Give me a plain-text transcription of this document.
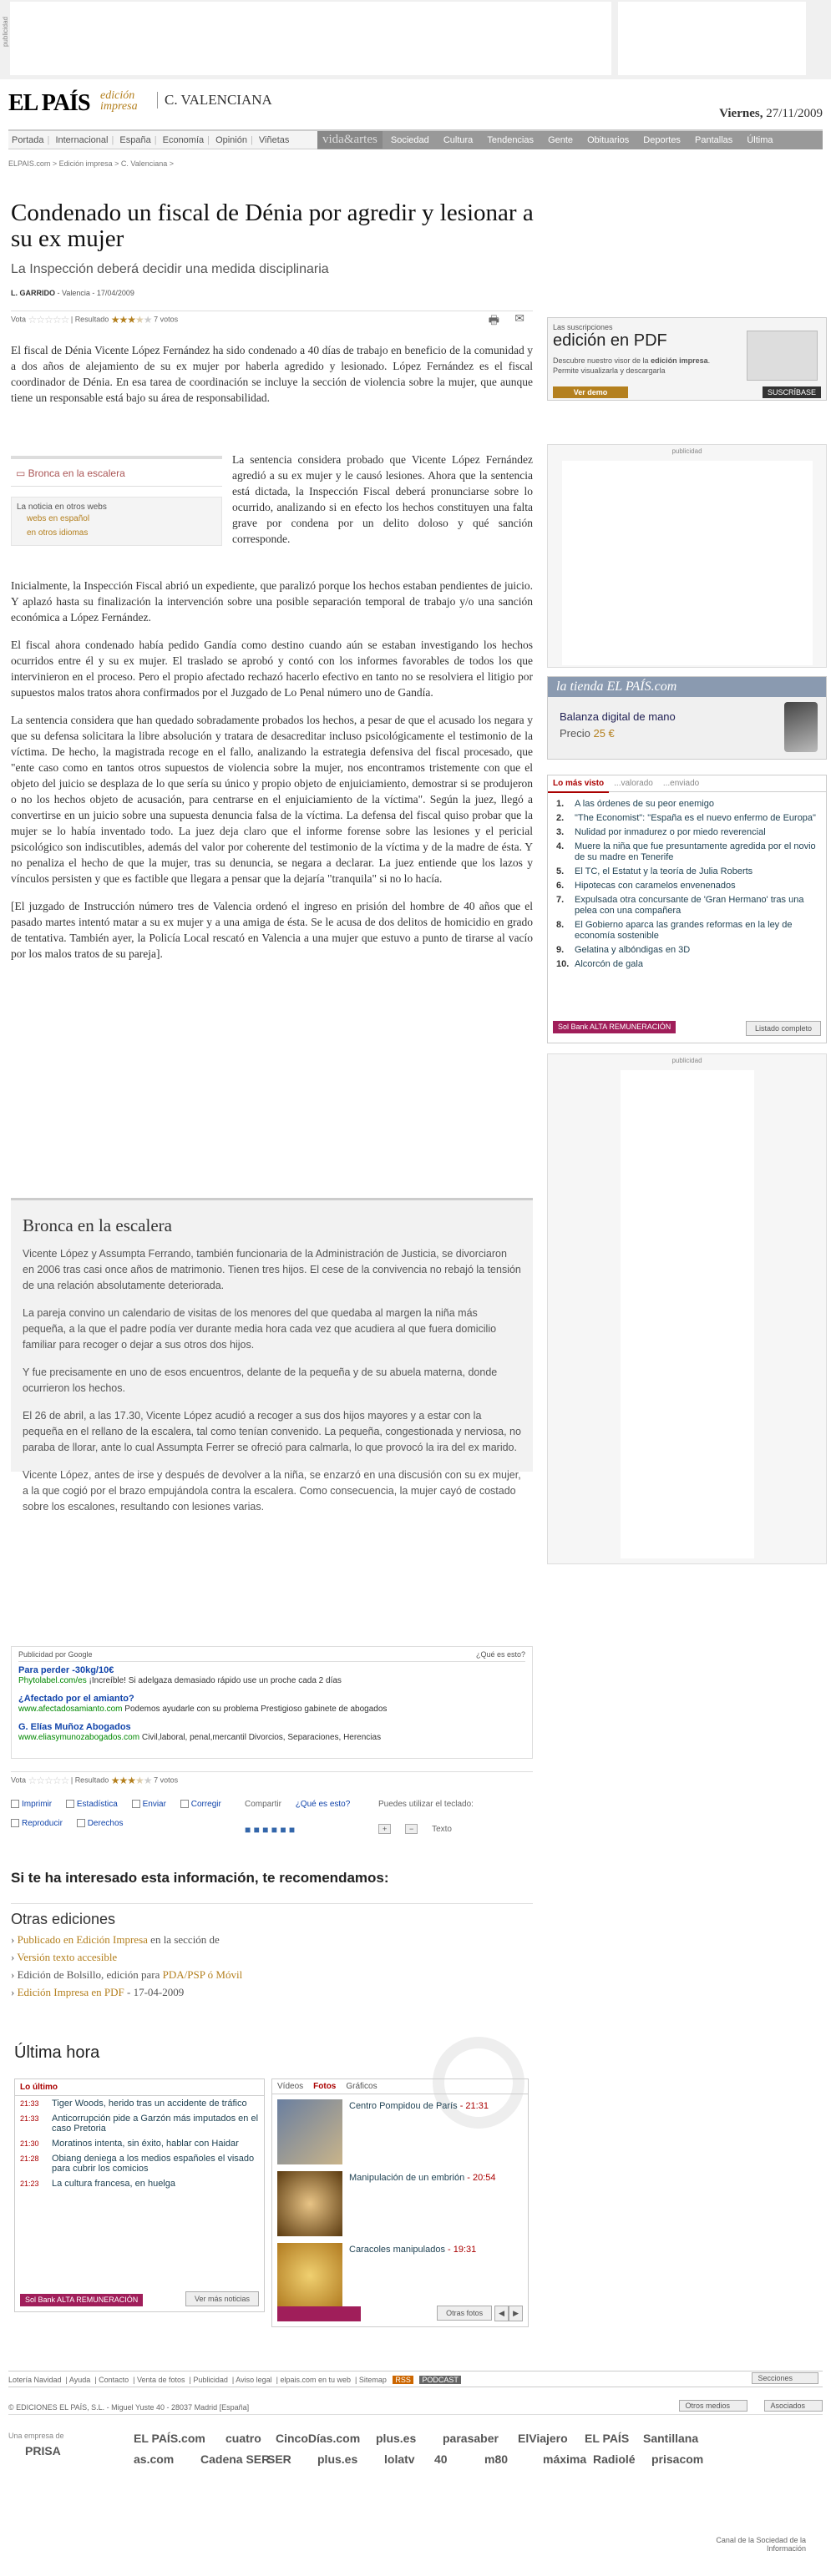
publicidad
EL PAÍS edición
impresa	C. VALENCIANA
Viernes, 27/11/2009
Portada | Internacional | España | Economía | Opinión | Viñetas	vida&artes Sociedad Cultura Tendencias Gente Obituarios Deportes Pantallas Última
ELPAIS.com > Edición impresa > C. Valenciana >
Condenado un fiscal de Dénia por agredir y lesionar a su ex mujer
La Inspección deberá decidir una medida disciplinaria
L. GARRIDO - Valencia - 17/04/2009
Vota ☆☆☆☆☆ | Resultado ★★★★★ 7 votos	🖶 ✉

El fiscal de Dénia Vicente López Fernández ha sido condenado a 40 días de trabajo en beneficio de la comunidad y a dos años de alejamiento de su ex mujer por haberla agredido y lesionado. López Fernández es el fiscal coordinador de Dénia. En esa tarea de coordinación se incluye la sección de violencia sobre la mujer, que aunque tiene un responsable está bajo su área de responsabilidad.

▭ Bronca en la escalera
La noticia en otros webs
webs en español
en otros idiomas

La sentencia considera probado que Vicente López Fernández agredió a su ex mujer y le causó lesiones. Ahora que la sentencia está dictada, la Inspección Fiscal deberá pronunciarse sobre lo ocurrido, analizando si en efecto los hechos constituyen una falta grave por condena por un delito doloso y qué sanción corresponde.

Inicialmente, la Inspección Fiscal abrió un expediente, que paralizó porque los hechos estaban pendientes de juicio. Y aplazó hasta su finalización la intervención sobre una posible separación temporal de trabajo y/o una sanción económica a López Fernández.

El fiscal ahora condenado había pedido Gandía como destino cuando aún se estaban investigando los hechos ocurridos entre él y su ex mujer. El traslado se aprobó y contó con los informes favorables de todos los que intervinieron en el proceso. Pero el propio afectado rechazó hacerlo efectivo en tanto no se resolviera el litigio por supuestos malos tratos ahora confirmados por el Juzgado de Lo Penal número uno de Gandía.

La sentencia considera que han quedado sobradamente probados los hechos, a pesar de que el acusado los negara y que su defensa solicitara la libre absolución y tratara de desacreditar incluso psicológicamente el testimonio de la víctima. De hecho, la magistrada recoge en el fallo, analizando la estrategia defensiva del fiscal procesado, que "ente caso como en tantos otros supuestos de violencia sobre la mujer, nos encontramos tristemente con que el objeto del juicio se desplaza de lo que sería su único y propio objeto de enjuiciamiento, demostrar si se produjeron o no los hechos objeto de acusación, para centrarse en el enjuiciamiento de la víctima". Según la juez, llegó a convertirse en un juicio sobre una supuesta denuncia falsa de la víctima. La defensa del fiscal quiso probar que la mujer se lo había inventado todo. La juez deja claro que el informe forense sobre las lesiones y el pericial psicológico son indiscutibles, además del valor por coherente del testimonio de la víctima y de la madre de ésta. Y no penaliza el hecho de que la mujer, tras su denuncia, se negara a declarar. La juez entiende que los lazos y vínculos persisten y que es factible que llegara a pensar que la dejaría "tranquila" si no lo hacía.

[El juzgado de Instrucción número tres de Valencia ordenó el ingreso en prisión del hombre de 40 años que el pasado martes intentó matar a su ex mujer y a una amiga de ésta. Se le acusa de dos delitos de homicidio en grado de tentativa. También ayer, la Policía Local rescató en Valencia a una mujer que estuvo a punto de tirarse al vacío por los malos tratos de su pareja].

Bronca en la escalera

Vicente López y Assumpta Ferrando, también funcionaria de la Administración de Justicia, se divorciaron en 2006 tras casi once años de matrimonio. Tienen tres hijos. El cese de la convivencia no rebajó la tensión de una relación absolutamente deteriorada.

La pareja convino un calendario de visitas de los menores del que quedaba al margen la niña más pequeña, a la que el padre podía ver durante media hora cada vez que acudiera al que fuera domicilio familiar para recoger o dejar a sus otros dos hijos.

Y fue precisamente en uno de esos encuentros, delante de la pequeña y de su abuela materna, donde ocurrieron los hechos.

El 26 de abril, a las 17.30, Vicente López acudió a recoger a sus dos hijos mayores y a estar con la pequeña en el rellano de la escalera, tal como tenían convenido. La pequeña, congestionada y nerviosa, no paraba de llorar, ante lo cual Assumpta Ferrer se ofreció para calmarla, lo que provocó la ira del ex marido.

Vicente López, antes de irse y después de devolver a la niña, se enzarzó en una discusión con su ex mujer, a la que cogió por el brazo empujándola contra la escalera. Como consecuencia, la mujer cayó de costado sobre los escalones, resultando con lesiones varias.

Publicidad por Google	¿Qué es esto?
Para perder -30kg/10€
Phytolabel.com/es ¡Increíble! Si adelgaza demasiado rápido use un proche cada 2 días
¿Afectado por el amianto?
www.afectadosamianto.com Podemos ayudarle con su problema Prestigioso gabinete de abogados
G. Elías Muñoz Abogados
www.eliasymunozabogados.com Civil,laboral, penal,mercantil Divorcios, Separaciones, Herencias
Vota ☆☆☆☆☆ | Resultado ★★★★★ 7 votos
Imprimir	Estadística	Enviar	Corregir Reproducir	Derechos
Compartir ¿Qué es esto?
■ ■ ■ ■ ■ ■
Puedes utilizar el teclado:
+	− Texto
Si te ha interesado esta información, te recomendamos:
Otras ediciones
› Publicado en Edición Impresa en la sección de
› Versión texto accesible
› Edición de Bolsillo, edición para PDA/PSP ó Móvil
› Edición Impresa en PDF - 17-04-2009
Última hora
Lo último
21:33	Tiger Woods, herido tras un accidente de tráfico
21:33	Anticorrupción pide a Garzón más imputados en el caso Pretoria
21:30	Moratinos intenta, sin éxito, hablar con Haidar
21:28	Obiang deniega a los medios españoles el visado para cubrir los comicios
21:23	La cultura francesa, en huelga
Sol Bank ALTA REMUNERACIÓN	Ver más noticias
Vídeos Fotos Gráficos
Centro Pompidou de París - 21:31
Manipulación de un embrión - 20:54
Caracoles manipulados - 19:31
Otras fotos ◀ ▶
Las suscripciones
edición en PDF
Descubre nuestro visor de la edición impresa. Permite visualizarla y descargarla
Ver demo	SUSCRÍBASE
publicidad
la tienda EL PAÍS.com
Balanza digital de mano
Precio 25 €
Lo más visto ...valorado ...enviado
1.	A las órdenes de su peor enemigo
2.	"The Economist": "España es el nuevo enfermo de Europa"
3.	Nulidad por inmadurez o por miedo reverencial
4.	Muere la niña que fue presuntamente agredida por el novio de su madre en Tenerife
5.	El TC, el Estatut y la teoría de Julia Roberts
6.	Hipotecas con caramelos envenenados
7.	Expulsada otra concursante de 'Gran Hermano' tras una pelea con una compañera
8.	El Gobierno aparca las grandes reformas en la ley de economía sostenible
9.	Gelatina y albóndigas en 3D
10. Alcorcón de gala
Sol Bank ALTA REMUNERACIÓN	Listado completo
publicidad
Lotería Navidad | Ayuda | Contacto | Venta de fotos | Publicidad | Aviso legal | elpais.com en tu web | Sitemap RSS PODCAST	Secciones
© EDICIONES EL PAÍS, S.L. - Miguel Yuste 40 - 28037 Madrid [España]	Otros medios	Asociados
Una empresa de
PRISA
EL PAÍS.com cuatro CincoDías.com plus.es parasaber ElViajero EL PAÍS Santillana
as.com Cadena SER
SER plus.es lolatv 40	m80	máxima Radiolé prisacom
Canal de la Sociedad de la
Información
